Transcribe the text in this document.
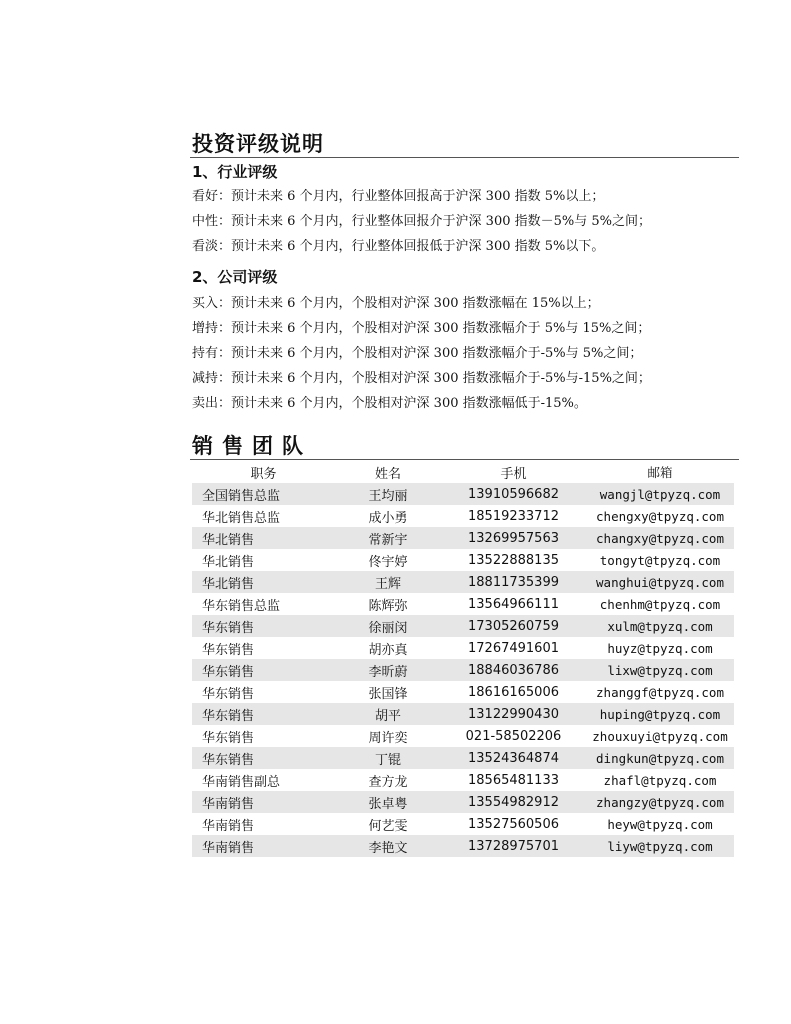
投资评级说明
1、行业评级
看好：预计未来 6 个月内，行业整体回报高于沪深 300 指数 5%以上；
中性：预计未来 6 个月内，行业整体回报介于沪深 300 指数－5%与 5%之间；
看淡：预计未来 6 个月内，行业整体回报低于沪深 300 指数 5%以下。
2、公司评级
买入：预计未来 6 个月内，个股相对沪深 300 指数涨幅在 15%以上；
增持：预计未来 6 个月内，个股相对沪深 300 指数涨幅介于 5%与 15%之间；
持有：预计未来 6 个月内，个股相对沪深 300 指数涨幅介于-5%与 5%之间；
减持：预计未来 6 个月内，个股相对沪深 300 指数涨幅介于-5%与-15%之间；
卖出：预计未来 6 个月内，个股相对沪深 300 指数涨幅低于-15%。
销售团队
职务	姓名	手机	邮箱
全国销售总监	王均丽	13910596682	wangjl@tpyzq.com
华北销售总监	成小勇	18519233712	chengxy@tpyzq.com
华北销售	常新宇	13269957563	changxy@tpyzq.com
华北销售	佟宇婷	13522888135	tongyt@tpyzq.com
华北销售	王辉	18811735399	wanghui@tpyzq.com
华东销售总监	陈辉弥	13564966111	chenhm@tpyzq.com
华东销售	徐丽闵	17305260759	xulm@tpyzq.com
华东销售	胡亦真	17267491601	huyz@tpyzq.com
华东销售	李昕蔚	18846036786	lixw@tpyzq.com
华东销售	张国锋	18616165006	zhanggf@tpyzq.com
华东销售	胡平	13122990430	huping@tpyzq.com
华东销售	周许奕	021-58502206	zhouxuyi@tpyzq.com
华东销售	丁锟	13524364874	dingkun@tpyzq.com
华南销售副总	查方龙	18565481133	zhafl@tpyzq.com
华南销售	张卓粤	13554982912	zhangzy@tpyzq.com
华南销售	何艺雯	13527560506	heyw@tpyzq.com
华南销售	李艳文	13728975701	liyw@tpyzq.com
